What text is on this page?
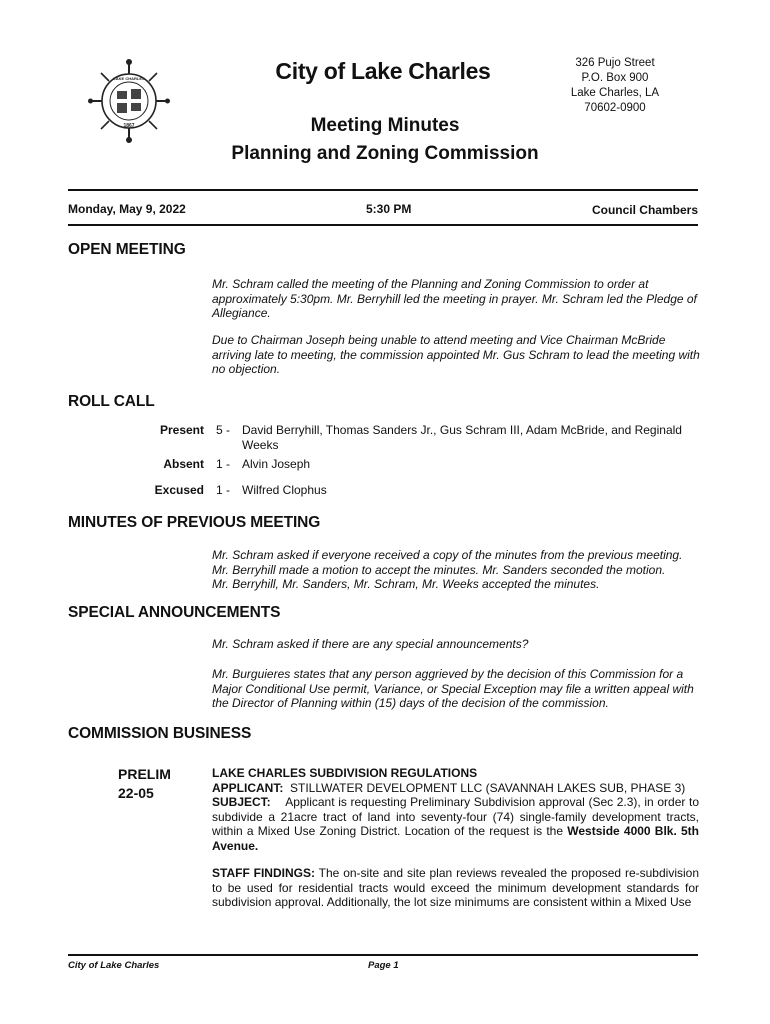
LAKE CHARLES
1867
City of Lake Charles	326 Pujo Street
P.O. Box 900
Lake Charles, LA
70602-0900
Meeting Minutes
Planning and Zoning Commission
Monday, May 9, 2022	5:30 PM	Council Chambers
OPEN MEETING
Mr. Schram called the meeting of the Planning and Zoning Commission to order at approximately 5:30pm. Mr. Berryhill led the meeting in prayer. Mr. Schram led the Pledge of Allegiance.
Due to Chairman Joseph being unable to attend meeting and Vice Chairman McBride arriving late to meeting, the commission appointed Mr. Gus Schram to lead the meeting with no objection.
ROLL CALL
Present 5 - David Berryhill, Thomas Sanders Jr., Gus Schram III, Adam McBride, and Reginald Weeks
Absent 1 - Alvin Joseph
Excused 1 - Wilfred Clophus
MINUTES OF PREVIOUS MEETING
Mr. Schram asked if everyone received a copy of the minutes from the previous meeting.
Mr. Berryhill made a motion to accept the minutes. Mr. Sanders seconded the motion.
Mr. Berryhill, Mr. Sanders, Mr. Schram, Mr. Weeks accepted the minutes.
SPECIAL ANNOUNCEMENTS
Mr. Schram asked if there are any special announcements?
Mr. Burguieres states that any person aggrieved by the decision of this Commission for a Major Conditional Use permit, Variance, or Special Exception may file a written appeal with the Director of Planning within (15) days of the decision of the commission.
COMMISSION BUSINESS
PRELIM
22-05
LAKE CHARLES SUBDIVISION REGULATIONS
APPLICANT: STILLWATER DEVELOPMENT LLC (SAVANNAH LAKES SUB, PHASE 3)
SUBJECT: Applicant is requesting Preliminary Subdivision approval (Sec 2.3), in order to subdivide a 21acre tract of land into seventy-four (74) single-family development tracts, within a Mixed Use Zoning District. Location of the request is the Westside 4000 Blk. 5th Avenue.
STAFF FINDINGS: The on-site and site plan reviews revealed the proposed re-subdivision to be used for residential tracts would exceed the minimum development standards for subdivision approval. Additionally, the lot size minimums are consistent within a Mixed Use
City of Lake Charles	Page 1
